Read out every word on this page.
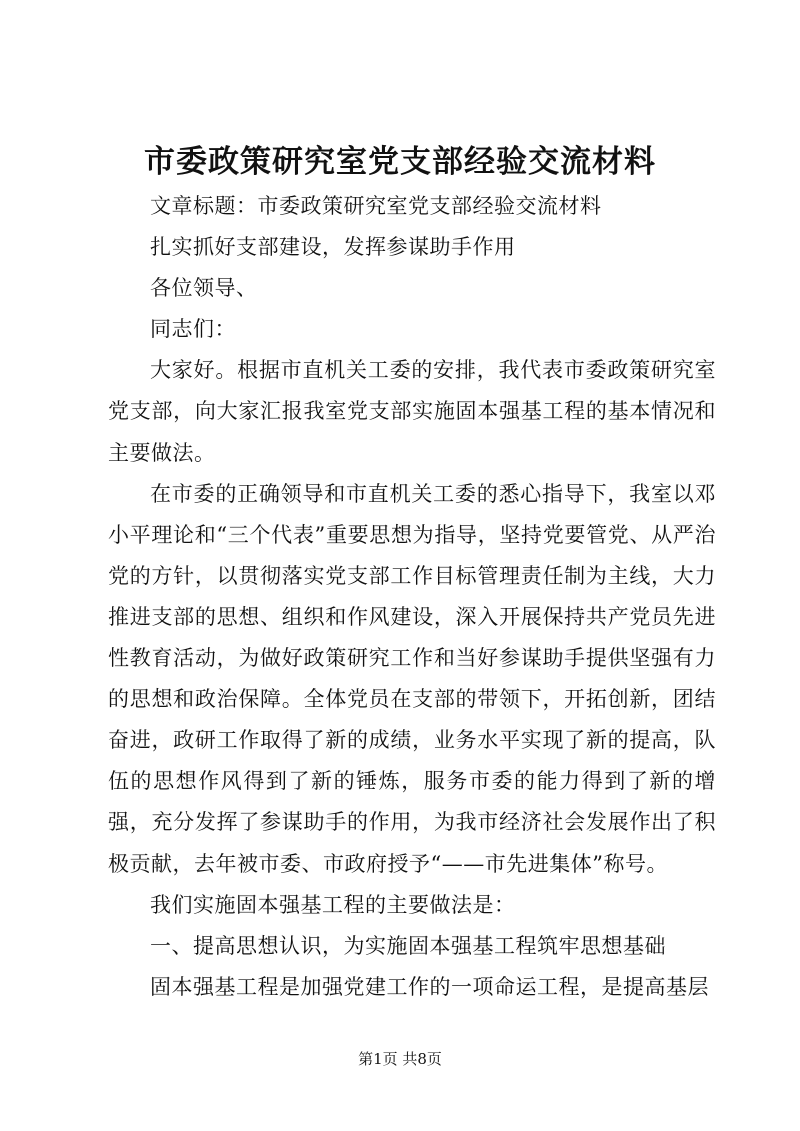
市委政策研究室党支部经验交流材料

文章标题：市委政策研究室党支部经验交流材料

扎实抓好支部建设，发挥参谋助手作用

各位领导、

同志们：

大家好。根据市直机关工委的安排，我代表市委政策研究室党支部，向大家汇报我室党支部实施固本强基工程的基本情况和主要做法。

在市委的正确领导和市直机关工委的悉心指导下，我室以邓小平理论和“三个代表”重要思想为指导，坚持党要管党、从严治党的方针，以贯彻落实党支部工作目标管理责任制为主线，大力推进支部的思想、组织和作风建设，深入开展保持共产党员先进性教育活动，为做好政策研究工作和当好参谋助手提供坚强有力的思想和政治保障。全体党员在支部的带领下，开拓创新，团结奋进，政研工作取得了新的成绩，业务水平实现了新的提高，队伍的思想作风得到了新的锤炼，服务市委的能力得到了新的增强，充分发挥了参谋助手的作用，为我市经济社会发展作出了积极贡献，去年被市委、市政府授予“——市先进集体”称号。

我们实施固本强基工程的主要做法是：

一、提高思想认识，为实施固本强基工程筑牢思想基础

固本强基工程是加强党建工作的一项命运工程，是提高基层

第1页 共8页
